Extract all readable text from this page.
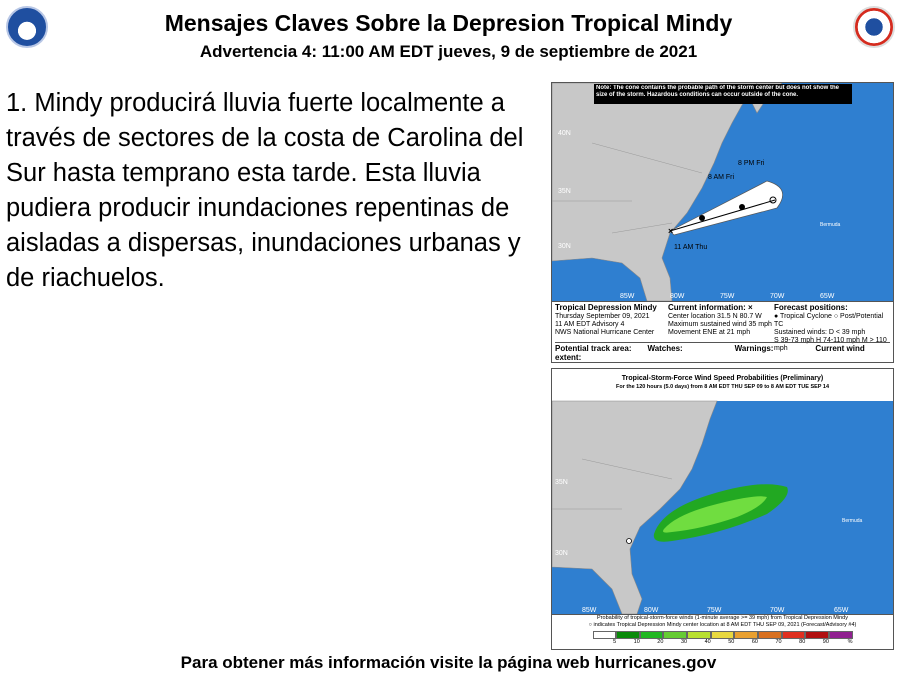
Mensajes Claves Sobre la Depresion Tropical Mindy
Advertencia 4: 11:00 AM EDT jueves, 9 de septiembre de 2021
1. Mindy producirá lluvia fuerte localmente a través de sectores de la costa de Carolina del Sur hasta temprano esta tarde. Esta lluvia pudiera producir inundaciones repentinas de aisladas a dispersas, inundaciones urbanas y de riachuelos.
×
Note: The cone contains the probable path of the storm center but does not show the size of the storm. Hazardous conditions can occur outside of the cone.
40N
35N
30N
85W	80W	75W	70W	65W
8 PM Fri
8 AM Fri
11 AM Thu
Bermuda
Tropical Depression Mindy
Thursday September 09, 2021
11 AM EDT Advisory 4
NWS National Hurricane Center
Current information: ×
Center location 31.5 N 80.7 W
Maximum sustained wind 35 mph
Movement ENE at 21 mph
Forecast positions:
● Tropical Cyclone ○ Post/Potential TC
Sustained winds: D < 39 mph
S 39-73 mph H 74-110 mph M > 110 mph
Potential track area: Watches:	Warnings:	Current wind extent:

35N
30N
85W	80W	75W	70W	65W
Bermuda
Tropical-Storm-Force Wind Speed Probabilities (Preliminary)
For the 120 hours (5.0 days) from 8 AM EDT THU SEP 09 to 8 AM EDT TUE SEP 14
Probability of tropical-storm-force winds (1-minute average >= 39 mph) from Tropical Depression Mindy
○ indicates Tropical Depression Mindy center location at 8 AM EDT THU SEP 09, 2021 (Forecast/Advisory #4)
5	10	20	30	40	50	60	70	80	90	%
Para obtener más información visite la página web hurricanes.gov
